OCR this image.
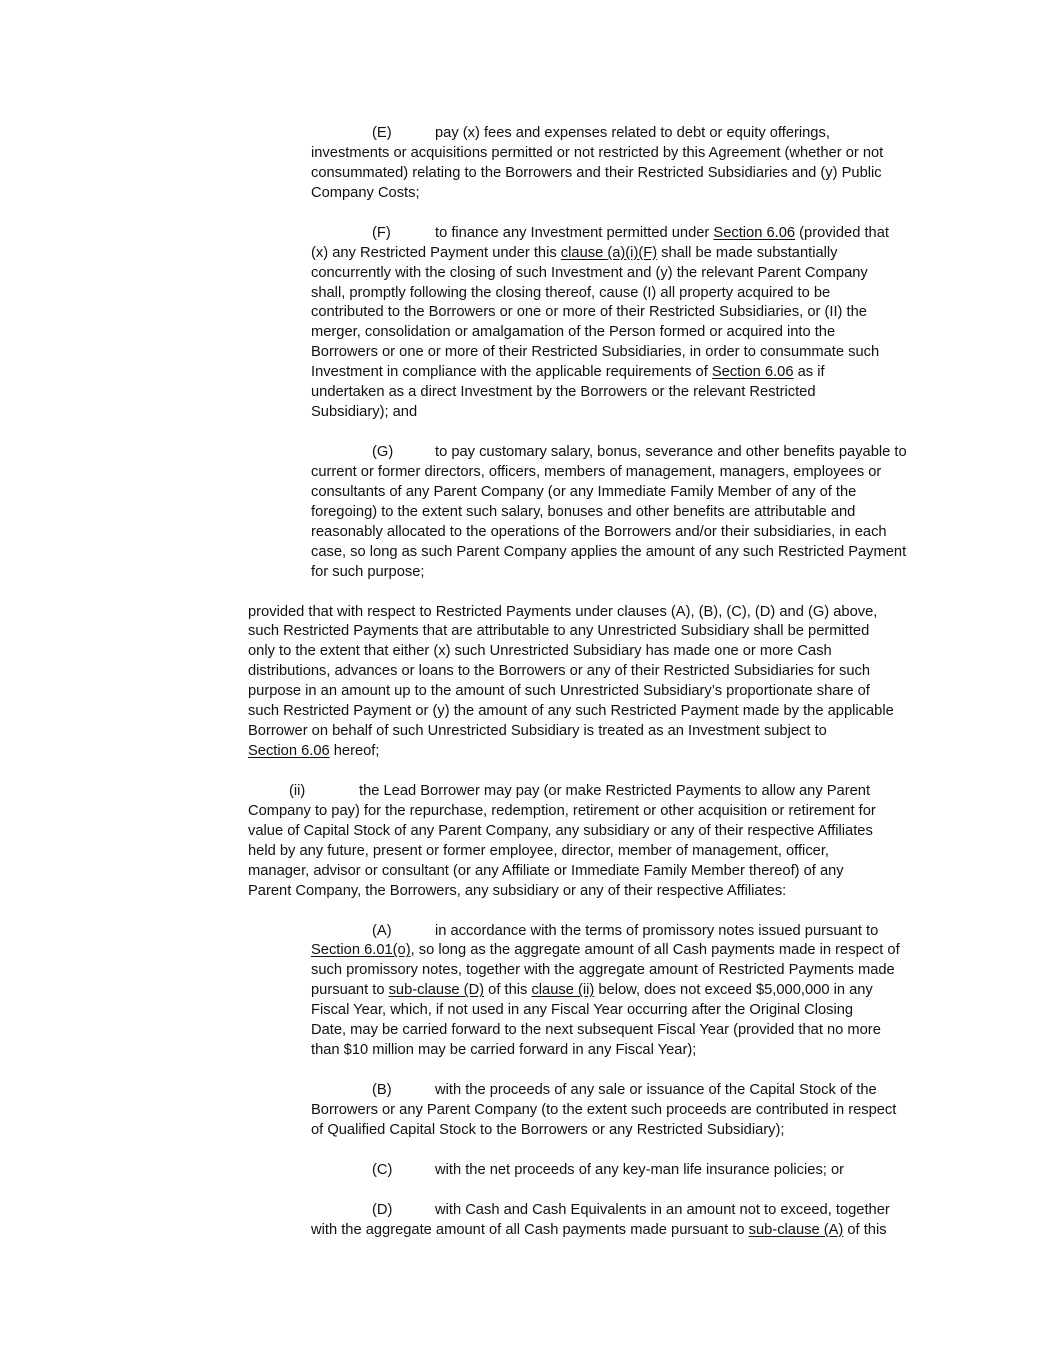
(E)	pay (x) fees and expenses related to debt or equity offerings,
investments or acquisitions permitted or not restricted by this Agreement (whether or not
consummated) relating to the Borrowers and their Restricted Subsidiaries and (y) Public
Company Costs;
(F)	to finance any Investment permitted under Section 6.06 (provided that
(x) any Restricted Payment under this clause (a)(i)(F) shall be made substantially
concurrently with the closing of such Investment and (y) the relevant Parent Company
shall, promptly following the closing thereof, cause (I) all property acquired to be
contributed to the Borrowers or one or more of their Restricted Subsidiaries, or (II) the
merger, consolidation or amalgamation of the Person formed or acquired into the
Borrowers or one or more of their Restricted Subsidiaries, in order to consummate such
Investment in compliance with the applicable requirements of Section 6.06 as if
undertaken as a direct Investment by the Borrowers or the relevant Restricted
Subsidiary); and
(G)	to pay customary salary, bonus, severance and other benefits payable to
current or former directors, officers, members of management, managers, employees or
consultants of any Parent Company (or any Immediate Family Member of any of the
foregoing) to the extent such salary, bonuses and other benefits are attributable and
reasonably allocated to the operations of the Borrowers and/or their subsidiaries, in each
case, so long as such Parent Company applies the amount of any such Restricted Payment
for such purpose;
provided that with respect to Restricted Payments under clauses (A), (B), (C), (D) and (G) above,
such Restricted Payments that are attributable to any Unrestricted Subsidiary shall be permitted
only to the extent that either (x) such Unrestricted Subsidiary has made one or more Cash
distributions, advances or loans to the Borrowers or any of their Restricted Subsidiaries for such
purpose in an amount up to the amount of such Unrestricted Subsidiary’s proportionate share of
such Restricted Payment or (y) the amount of any such Restricted Payment made by the applicable
Borrower on behalf of such Unrestricted Subsidiary is treated as an Investment subject to
Section 6.06 hereof;
(ii)	the Lead Borrower may pay (or make Restricted Payments to allow any Parent
Company to pay) for the repurchase, redemption, retirement or other acquisition or retirement for
value of Capital Stock of any Parent Company, any subsidiary or any of their respective Affiliates
held by any future, present or former employee, director, member of management, officer,
manager, advisor or consultant (or any Affiliate or Immediate Family Member thereof) of any
Parent Company, the Borrowers, any subsidiary or any of their respective Affiliates:
(A)	in accordance with the terms of promissory notes issued pursuant to
Section 6.01(o), so long as the aggregate amount of all Cash payments made in respect of
such promissory notes, together with the aggregate amount of Restricted Payments made
pursuant to sub-clause (D) of this clause (ii) below, does not exceed $5,000,000 in any
Fiscal Year, which, if not used in any Fiscal Year occurring after the Original Closing
Date, may be carried forward to the next subsequent Fiscal Year (provided that no more
than $10 million may be carried forward in any Fiscal Year);
(B)	with the proceeds of any sale or issuance of the Capital Stock of the
Borrowers or any Parent Company (to the extent such proceeds are contributed in respect
of Qualified Capital Stock to the Borrowers or any Restricted Subsidiary);
(C)	with the net proceeds of any key-man life insurance policies; or
(D)	with Cash and Cash Equivalents in an amount not to exceed, together
with the aggregate amount of all Cash payments made pursuant to sub-clause (A) of this
